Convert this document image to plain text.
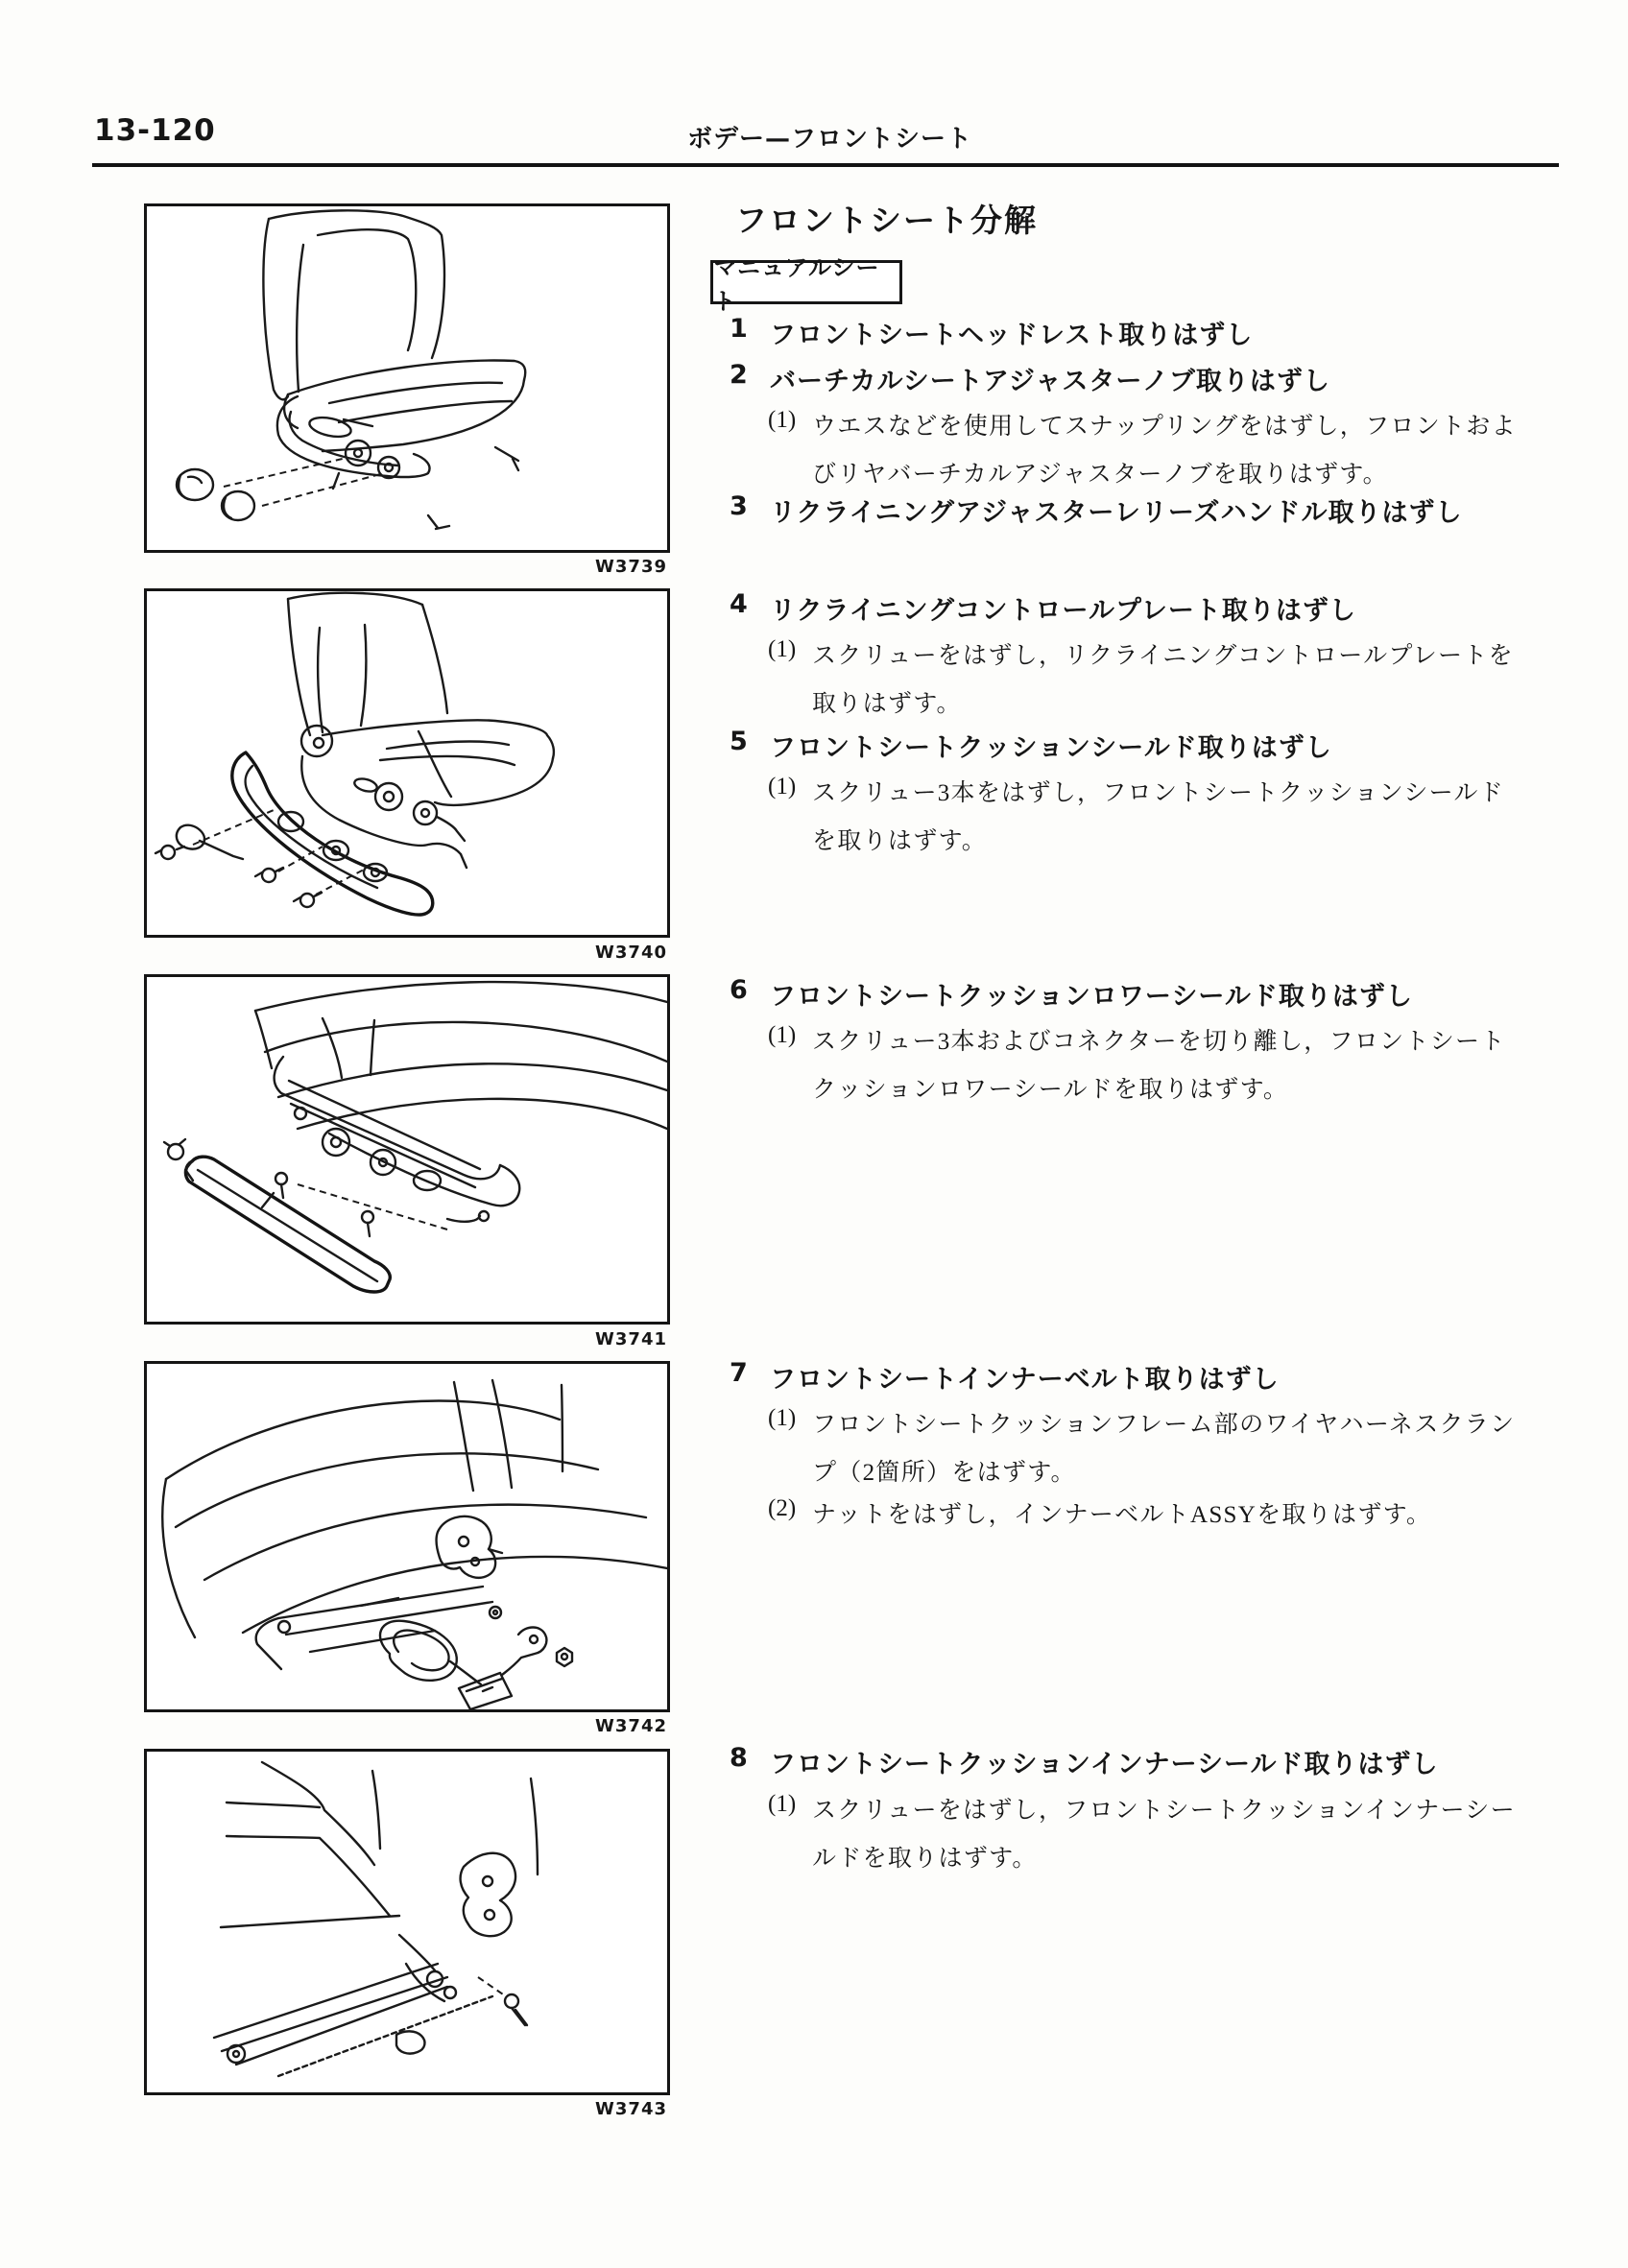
13-120	ボデー—フロントシート
W3739
W3740
W3741
W3742
W3743
フロントシート分解
マニュアルシート
1 フロントシートヘッドレスト取りはずし
2 バーチカルシートアジャスターノブ取りはずし
(1) ウエスなどを使用してスナップリングをはずし，フロントおよ
びリヤバーチカルアジャスターノブを取りはずす。
3 リクライニングアジャスターレリーズハンドル取りはずし
4 リクライニングコントロールプレート取りはずし
(1) スクリューをはずし，リクライニングコントロールプレートを
取りはずす。
5 フロントシートクッションシールド取りはずし
(1) スクリュー3本をはずし，フロントシートクッションシールド
を取りはずす。
6 フロントシートクッションロワーシールド取りはずし
(1) スクリュー3本およびコネクターを切り離し，フロントシート
クッションロワーシールドを取りはずす。
7 フロントシートインナーベルト取りはずし
(1) フロントシートクッションフレーム部のワイヤハーネスクラン
プ（2箇所）をはずす。
(2) ナットをはずし，インナーベルトASSYを取りはずす。
8 フロントシートクッションインナーシールド取りはずし
(1) スクリューをはずし，フロントシートクッションインナーシー
ルドを取りはずす。
